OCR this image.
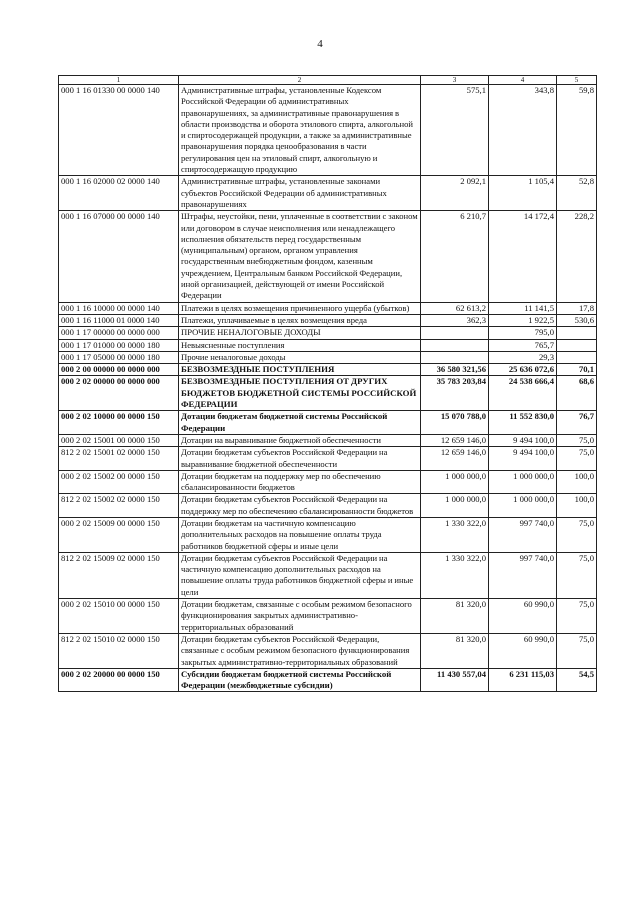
4
1	2	3	4	5
000 1 16 01330 00 0000 140	Административные штрафы, установленные Кодексом Российской Федерации об административных правонарушениях, за административные правонарушения в области производства и оборота этилового спирта, алкогольной и спиртосодержащей продукции, а также за административные правонарушения порядка ценообразования в части регулирования цен на этиловый спирт, алкогольную и спиртосодержащую продукцию	575,1	343,8	59,8
000 1 16 02000 02 0000 140	Административные штрафы, установленные законами субъектов Российской Федерации об административных правонарушениях	2 092,1	1 105,4	52,8
000 1 16 07000 00 0000 140	Штрафы, неустойки, пени, уплаченные в соответствии с законом или договором в случае неисполнения или ненадлежащего исполнения обязательств перед государственным (муниципальным) органом, органом управления государственным внебюджетным фондом, казенным учреждением, Центральным банком Российской Федерации, иной организацией, действующей от имени Российской Федерации	6 210,7	14 172,4	228,2
000 1 16 10000 00 0000 140	Платежи в целях возмещения причиненного ущерба (убытков)	62 613,2	11 141,5	17,8
000 1 16 11000 01 0000 140	Платежи, уплачиваемые в целях возмещения вреда	362,3	1 922,5	530,6
000 1 17 00000 00 0000 000	ПРОЧИЕ НЕНАЛОГОВЫЕ ДОХОДЫ		795,0	
000 1 17 01000 00 0000 180	Невыясненные поступления		765,7	
000 1 17 05000 00 0000 180	Прочие неналоговые доходы		29,3	
000 2 00 00000 00 0000 000	БЕЗВОЗМЕЗДНЫЕ ПОСТУПЛЕНИЯ	36 580 321,56	25 636 072,6	70,1
000 2 02 00000 00 0000 000	БЕЗВОЗМЕЗДНЫЕ ПОСТУПЛЕНИЯ ОТ ДРУГИХ БЮДЖЕТОВ БЮДЖЕТНОЙ СИСТЕМЫ РОССИЙСКОЙ ФЕДЕРАЦИИ	35 783 203,84	24 538 666,4	68,6
000 2 02 10000 00 0000 150	Дотации бюджетам бюджетной системы Российской Федерации	15 070 788,0	11 552 830,0	76,7
000 2 02 15001 00 0000 150	Дотации на выравнивание бюджетной обеспеченности	12 659 146,0	9 494 100,0	75,0
812 2 02 15001 02 0000 150	Дотации бюджетам субъектов Российской Федерации на выравнивание бюджетной обеспеченности	12 659 146,0	9 494 100,0	75,0
000 2 02 15002 00 0000 150	Дотации бюджетам на поддержку мер по обеспечению сбалансированности бюджетов	1 000 000,0	1 000 000,0	100,0
812 2 02 15002 02 0000 150	Дотации бюджетам субъектов Российской Федерации на поддержку мер по обеспечению сбалансированности бюджетов	1 000 000,0	1 000 000,0	100,0
000 2 02 15009 00 0000 150	Дотации бюджетам на частичную компенсацию дополнительных расходов на повышение оплаты труда работников бюджетной сферы и иные цели	1 330 322,0	997 740,0	75,0
812 2 02 15009 02 0000 150	Дотации бюджетам субъектов Российской Федерации на частичную компенсацию дополнительных расходов на повышение оплаты труда работников бюджетной сферы и иные цели	1 330 322,0	997 740,0	75,0
000 2 02 15010 00 0000 150	Дотации бюджетам, связанные с особым режимом безопасного функционирования закрытых административно-территориальных образований	81 320,0	60 990,0	75,0
812 2 02 15010 02 0000 150	Дотации бюджетам субъектов Российской Федерации, связанные с особым режимом безопасного функционирования закрытых административно-территориальных образований	81 320,0	60 990,0	75,0
000 2 02 20000 00 0000 150	Субсидии бюджетам бюджетной системы Российской Федерации (межбюджетные субсидии)	11 430 557,04	6 231 115,03	54,5
